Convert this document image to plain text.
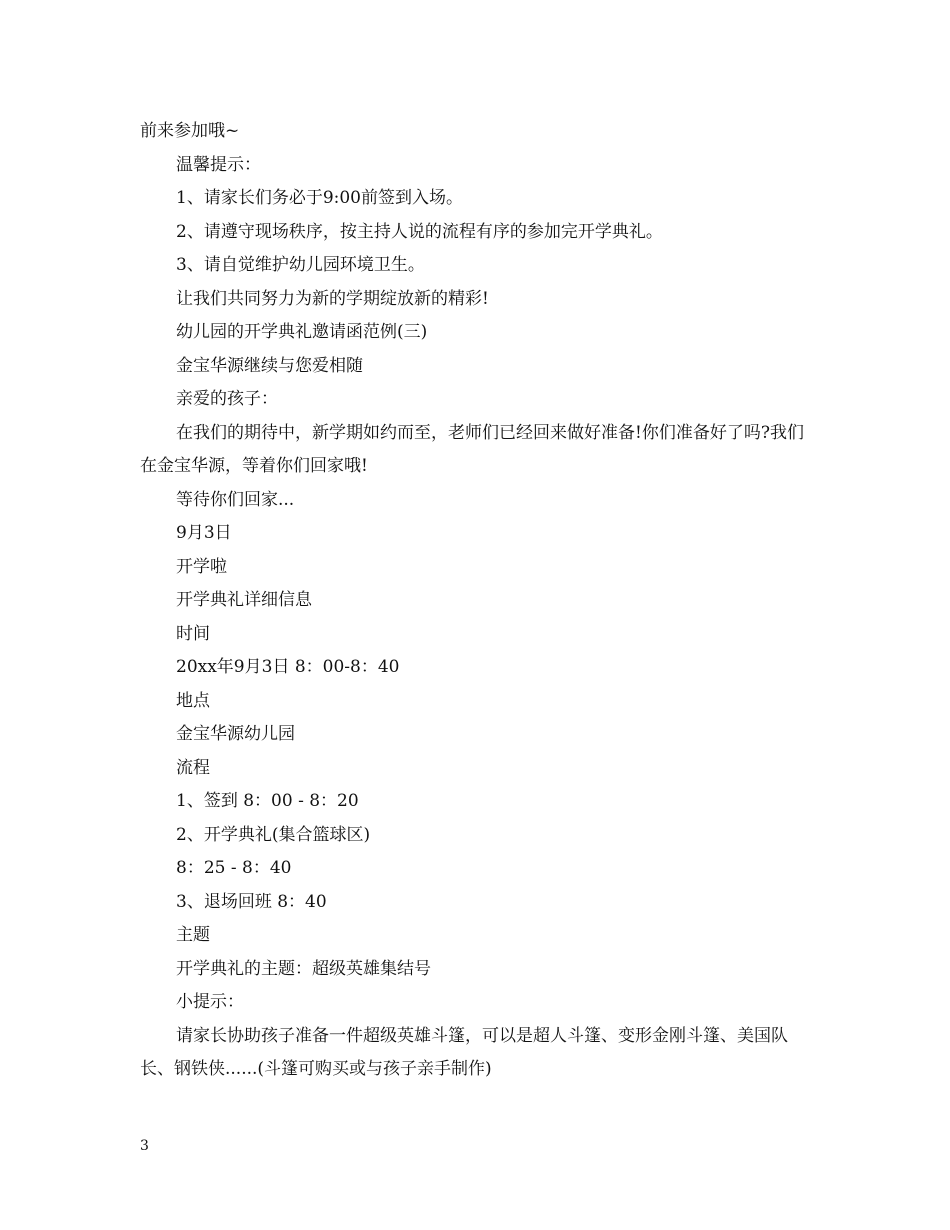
前来参加哦~

温馨提示：

1、请家长们务必于9:00前签到入场。

2、请遵守现场秩序，按主持人说的流程有序的参加完开学典礼。

3、请自觉维护幼儿园环境卫生。

让我们共同努力为新的学期绽放新的精彩!

幼儿园的开学典礼邀请函范例(三)

金宝华源继续与您爱相随

亲爱的孩子：

在我们的期待中，新学期如约而至，老师们已经回来做好准备!你们准备好了吗?我们在金宝华源，等着你们回家哦!

等待你们回家...

9月3日

开学啦

开学典礼详细信息

时间

20xx年9月3日 8：00-8：40

地点

金宝华源幼儿园

流程

1、签到 8：00 - 8：20

2、开学典礼(集合篮球区)

8：25 - 8：40

3、退场回班 8：40

主题

开学典礼的主题：超级英雄集结号

小提示：

请家长协助孩子准备一件超级英雄斗篷，可以是超人斗篷、变形金刚斗篷、美国队长、钢铁侠......(斗篷可购买或与孩子亲手制作)

3
